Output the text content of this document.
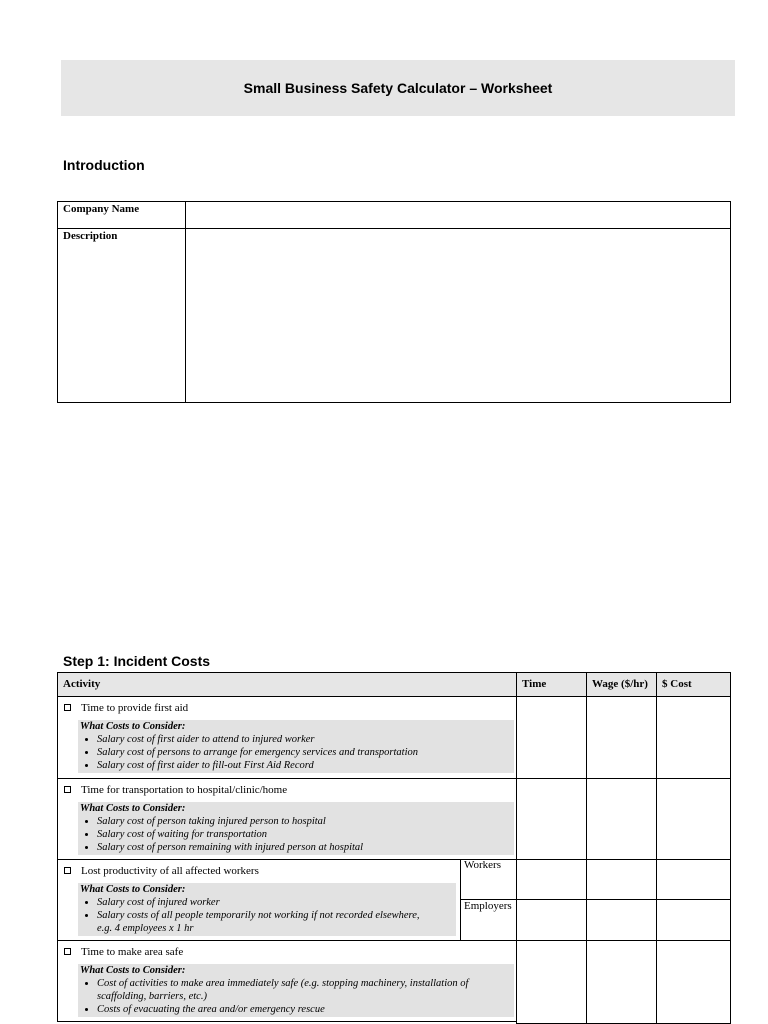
Small Business Safety Calculator – Worksheet
Introduction
Company Name
Description
Step 1: Incident Costs
Activity	Time	Wage ($/hr)	$ Cost
Time to provide first aid
What Costs to Consider:
• Salary cost of first aider to attend to injured worker
• Salary cost of persons to arrange for emergency services and transportation
• Salary cost of first aider to fill-out First Aid Record
Time for transportation to hospital/clinic/home
What Costs to Consider:
• Salary cost of person taking injured person to hospital
• Salary cost of waiting for transportation
• Salary cost of person remaining with injured person at hospital
Lost productivity of all affected workers
What Costs to Consider:
• Salary cost of injured worker
• Salary costs of all people temporarily not working if not recorded elsewhere,
e.g. 4 employees x 1 hr
Workers
Employers
Time to make area safe
What Costs to Consider:
• Cost of activities to make area immediately safe (e.g. stopping machinery, installation of
scaffolding, barriers, etc.)
• Costs of evacuating the area and/or emergency rescue
